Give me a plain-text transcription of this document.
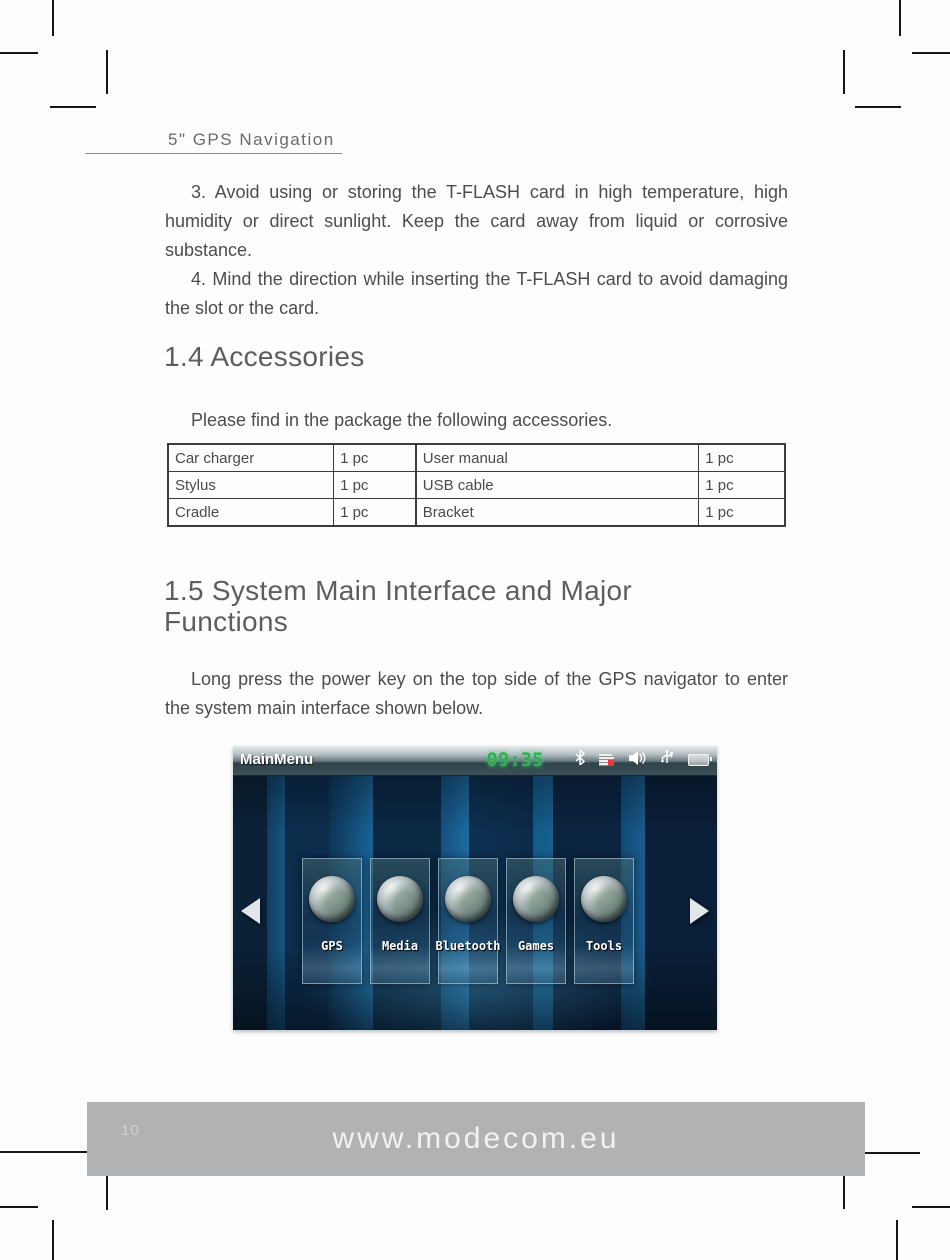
5" GPS Navigation

3. Avoid using or storing the T-FLASH card in high temperature, high humidity or direct sunlight. Keep the card away from liquid or corrosive substance.

4. Mind the direction while inserting the T-FLASH card to avoid damaging the slot or the card.

1.4 Accessories
Please find in the package the following accessories.
Car charger	1 pc	User manual	1 pc
Stylus	1 pc	USB cable	1 pc
Cradle	1 pc	Bracket	1 pc
1.5 System Main Interface and Major Functions
Long press the power key on the top side of the GPS navigator to enter the system main interface shown below.
MainMenu	09:35
GPS	Media Bluetooth Games	Tools
10	www.modecom.eu
